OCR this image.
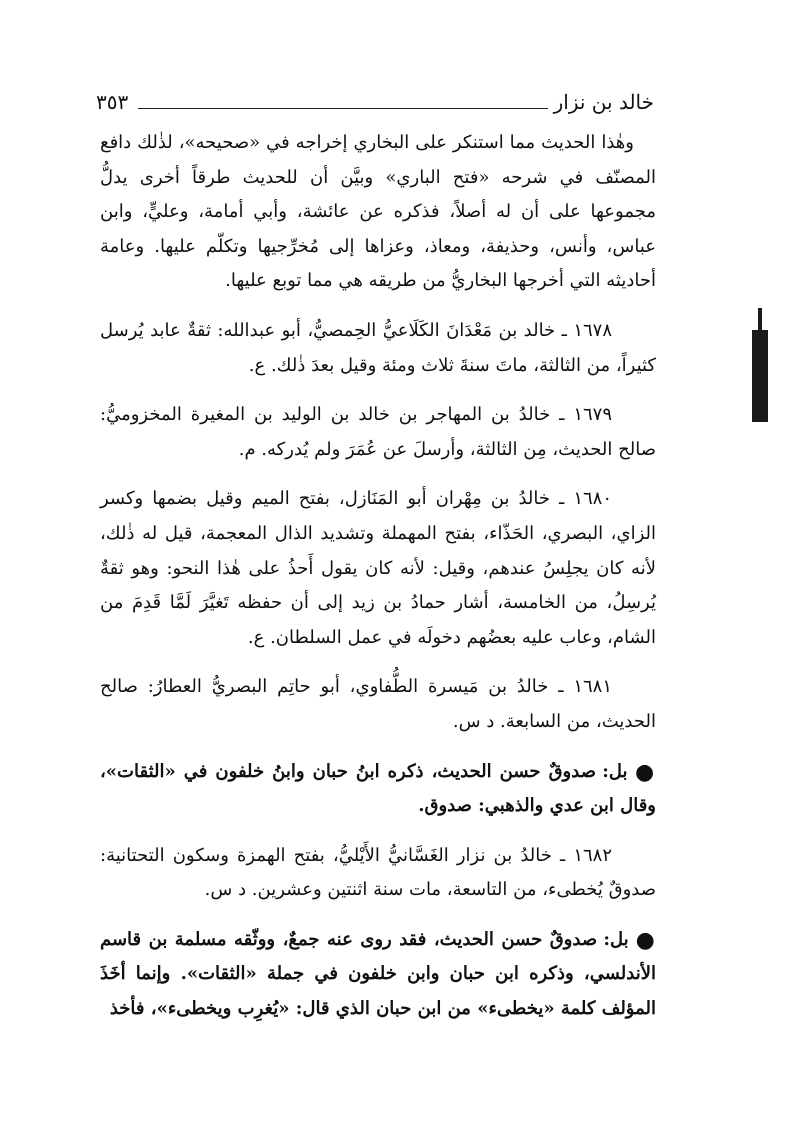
خالد بن نزار
٣٥٣

وهٰذا الحديث مما استنكر على البخاري إخراجه في «صحيحه»، لذٰلك دافع المصنّف في شرحه «فتح الباري» وبيَّن أن للحديث طرقاً أخرى يدلُّ مجموعها على أن له أصلاً، فذكره عن عائشة، وأبي أمامة، وعليٍّ، وابن عباس، وأنس، وحذيفة، ومعاذ، وعزاها إلى مُخرِّجيها وتكلّم عليها. وعامة أحاديثه التي أخرجها البخاريُّ من طريقه هي مما توبع عليها.

١٦٧٨ ـ خالد بن مَعْدَانَ الكَلَاعيُّ الحِمصيُّ، أبو عبدالله: ثقةٌ عابد يُرسل كثيراً، من الثالثة، ماتَ سنةَ ثلاث ومئة وقيل بعدَ ذٰلك. ع.

١٦٧٩ ـ خالدُ بن المهاجر بن خالد بن الوليد بن المغيرة المخزوميُّ: صالح الحديث، مِن الثالثة، وأرسلَ عن عُمَرَ ولم يُدركه. م.

١٦٨٠ ـ خالدُ بن مِهْران أبو المَنَازل، بفتح الميم وقيل بضمها وكسر الزاي، البصري، الحَذّاء، بفتح المهملة وتشديد الذال المعجمة، قيل له ذٰلك، لأنه كان يجلِسُ عندهم، وقيل: لأنه كان يقول أَحذُ على هٰذا النحو: وهو ثقةٌ يُرسِلُ، من الخامسة، أشار حمادُ بن زيد إلى أن حفظه تَغيَّرَ لَمَّا قَدِمَ من الشام، وعاب عليه بعضُهم دخولَه في عمل السلطان. ع.

١٦٨١ ـ خالدُ بن مَيسرة الطُّفاوي، أبو حاتِم البصريُّ العطارُ: صالح الحديث، من السابعة. د س.

● بل: صدوقٌ حسن الحديث، ذكره ابنُ حبان وابنُ خلفون في «الثقات»، وقال ابن عدي والذهبي: صدوق.

١٦٨٢ ـ خالدُ بن نزار الغَسَّانيُّ الأَيْليُّ، بفتح الهمزة وسكون التحتانية: صدوقٌ يُخطىء، من التاسعة، مات سنة اثنتين وعشرين. د س.

● بل: صدوقٌ حسن الحديث، فقد روى عنه جمعٌ، ووثّقه مسلمة بن قاسم الأندلسي، وذكره ابن حبان وابن خلفون في جملة «الثقات». وإنما أخَذَ المؤلف كلمة «يخطىء» من ابن حبان الذي قال: «يُغرِب ويخطىء»، فأخذ
